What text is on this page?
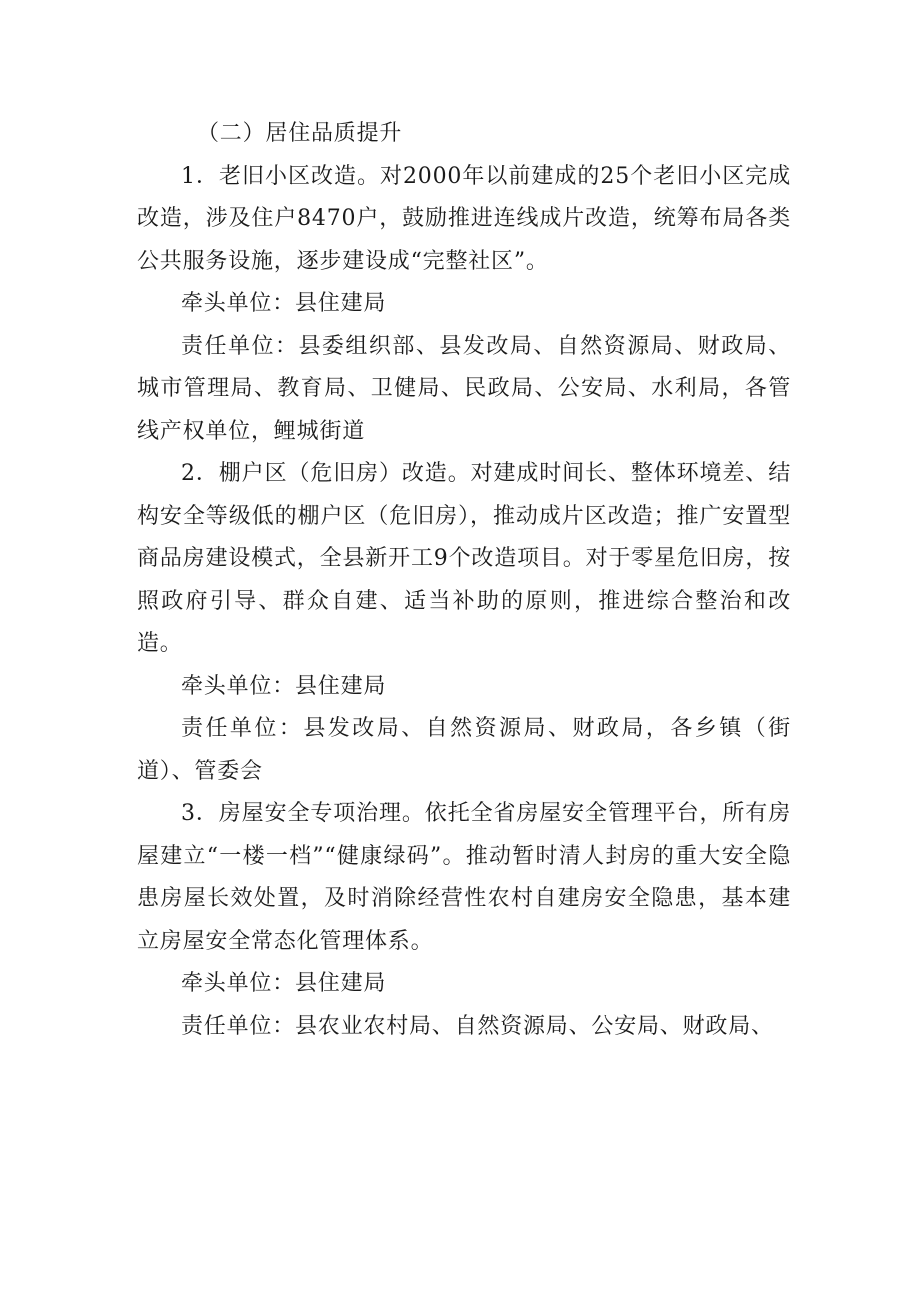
（二）居住品质提升

1．老旧小区改造。对2000年以前建成的25个老旧小区完成改造，涉及住户8470户，鼓励推进连线成片改造，统筹布局各类公共服务设施，逐步建设成“完整社区”。

牵头单位：县住建局

责任单位：县委组织部、县发改局、自然资源局、财政局、城市管理局、教育局、卫健局、民政局、公安局、水利局，各管线产权单位，鲤城街道

2．棚户区（危旧房）改造。对建成时间长、整体环境差、结构安全等级低的棚户区（危旧房），推动成片区改造；推广安置型商品房建设模式，全县新开工9个改造项目。对于零星危旧房，按照政府引导、群众自建、适当补助的原则，推进综合整治和改造。

牵头单位：县住建局

责任单位：县发改局、自然资源局、财政局，各乡镇（街道）、管委会

3．房屋安全专项治理。依托全省房屋安全管理平台，所有房屋建立“一楼一档”“健康绿码”。推动暂时清人封房的重大安全隐患房屋长效处置，及时消除经营性农村自建房安全隐患，基本建立房屋安全常态化管理体系。

牵头单位：县住建局

责任单位：县农业农村局、自然资源局、公安局、财政局、
